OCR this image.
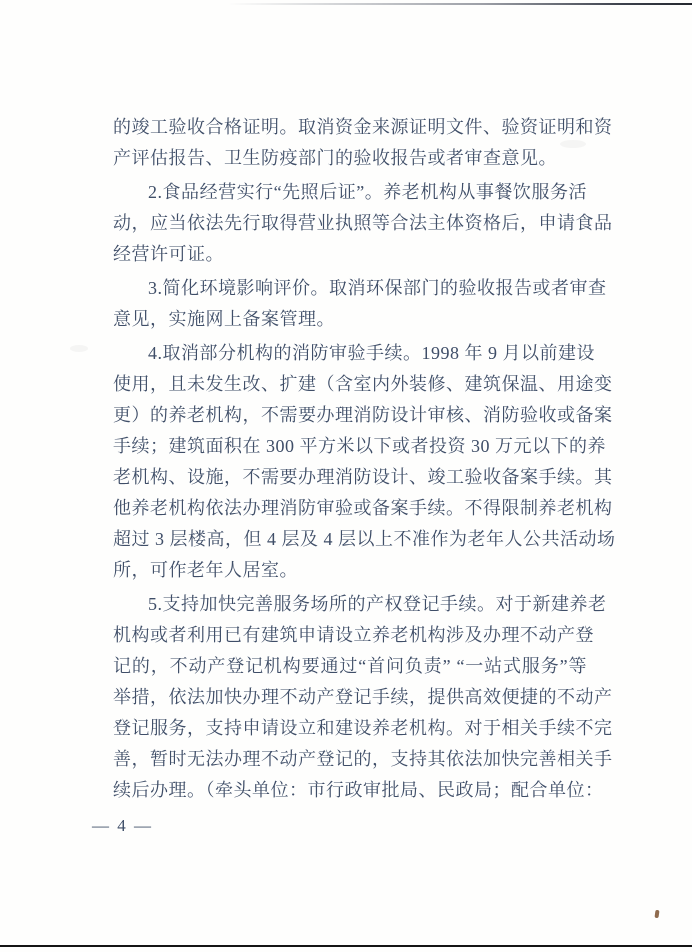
的竣工验收合格证明。取消资金来源证明文件、验资证明和资
产评估报告、卫生防疫部门的验收报告或者审查意见。
2.食品经营实行“先照后证”。养老机构从事餐饮服务活
动，应当依法先行取得营业执照等合法主体资格后，申请食品
经营许可证。
3.简化环境影响评价。取消环保部门的验收报告或者审查
意见，实施网上备案管理。
4.取消部分机构的消防审验手续。1998 年 9 月以前建设
使用，且未发生改、扩建（含室内外装修、建筑保温、用途变
更）的养老机构，不需要办理消防设计审核、消防验收或备案
手续；建筑面积在 300 平方米以下或者投资 30 万元以下的养
老机构、设施，不需要办理消防设计、竣工验收备案手续。其
他养老机构依法办理消防审验或备案手续。不得限制养老机构
超过 3 层楼高，但 4 层及 4 层以上不准作为老年人公共活动场
所，可作老年人居室。
5.支持加快完善服务场所的产权登记手续。对于新建养老
机构或者利用已有建筑申请设立养老机构涉及办理不动产登
记的，不动产登记机构要通过“首问负责” “一站式服务”等
举措，依法加快办理不动产登记手续，提供高效便捷的不动产
登记服务，支持申请设立和建设养老机构。对于相关手续不完
善，暂时无法办理不动产登记的，支持其依法加快完善相关手
续后办理。（牵头单位：市行政审批局、民政局；配合单位：
— 4 —
